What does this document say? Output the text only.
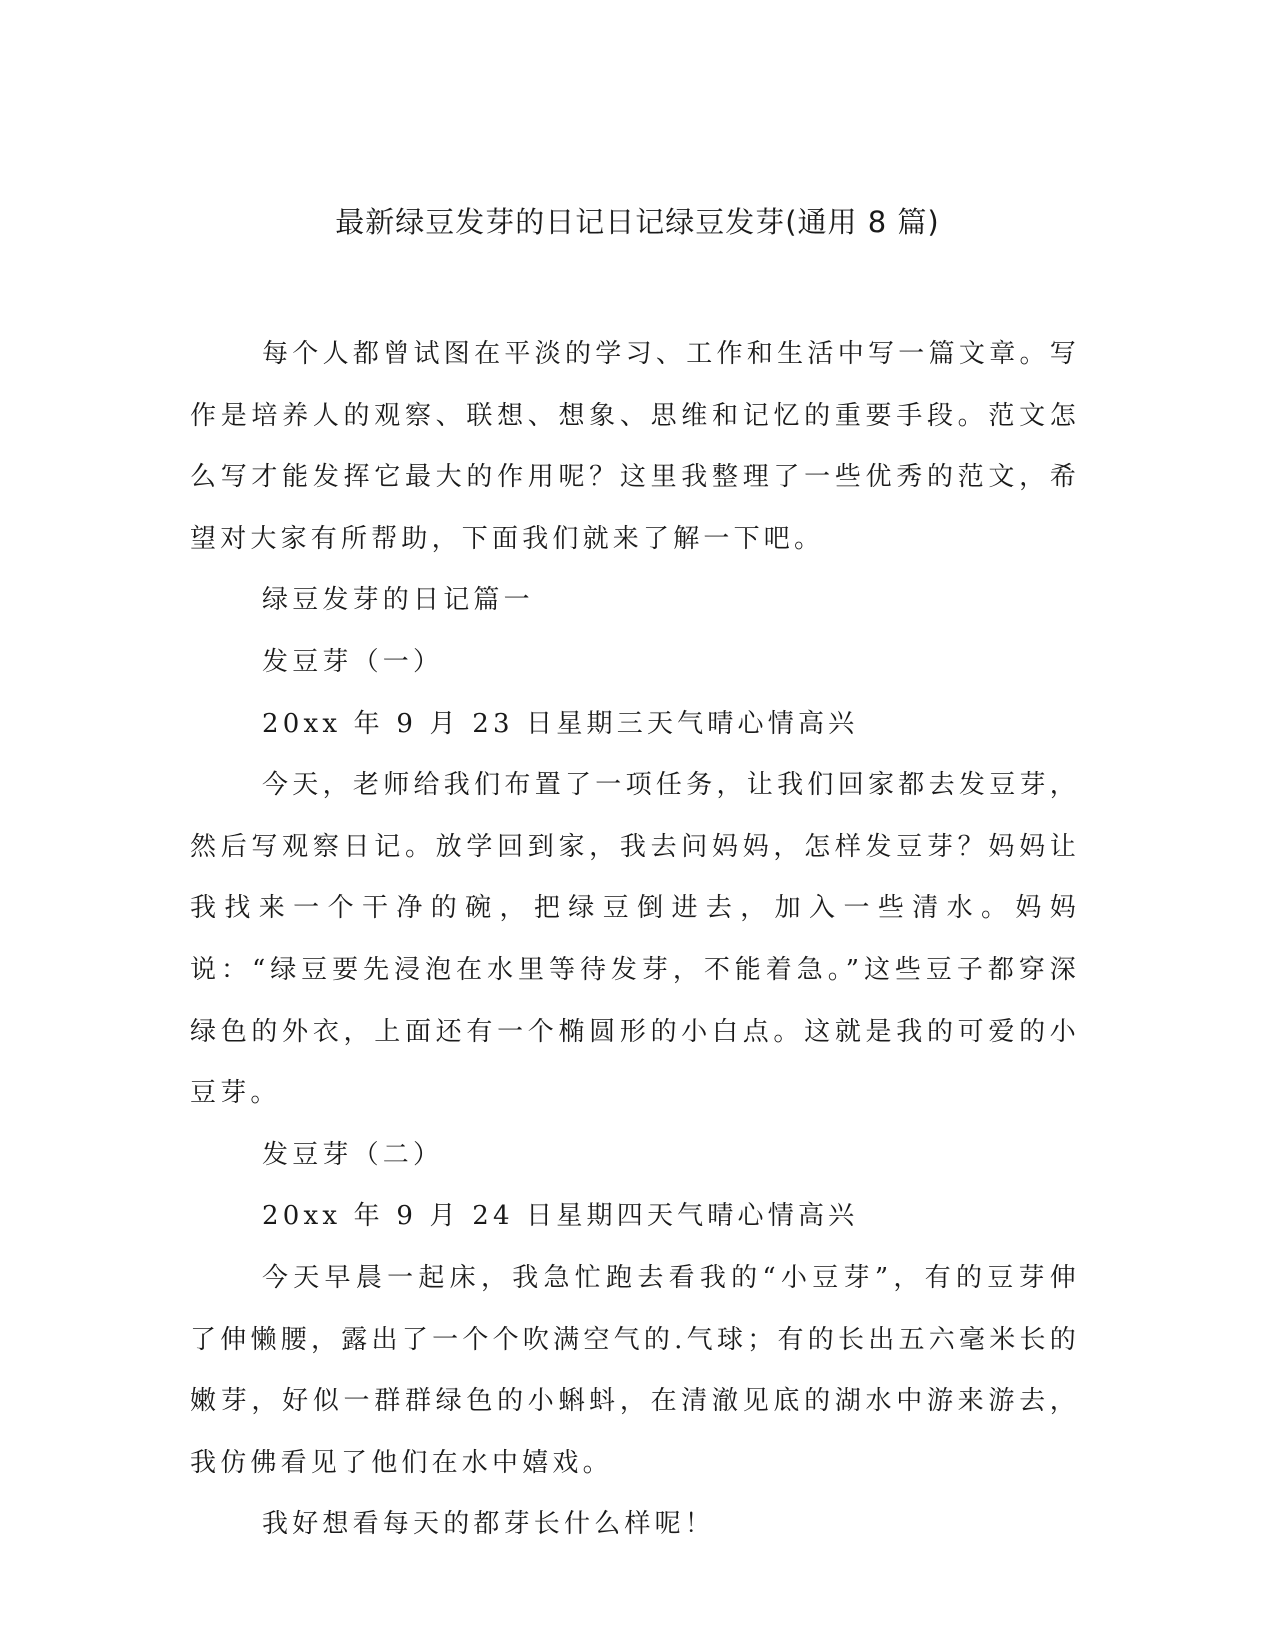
最新绿豆发芽的日记日记绿豆发芽(通用 8 篇)

每个人都曾试图在平淡的学习、工作和生活中写一篇文章。写作是培养人的观察、联想、想象、思维和记忆的重要手段。范文怎么写才能发挥它最大的作用呢？这里我整理了一些优秀的范文，希望对大家有所帮助，下面我们就来了解一下吧。

绿豆发芽的日记篇一

发豆芽（一）

20xx 年 9 月 23 日星期三天气晴心情高兴

今天，老师给我们布置了一项任务，让我们回家都去发豆芽，然后写观察日记。放学回到家，我去问妈妈，怎样发豆芽？妈妈让我找来一个干净的碗，把绿豆倒进去，加入一些清水。妈妈说：“绿豆要先浸泡在水里等待发芽，不能着急。”这些豆子都穿深绿色的外衣，上面还有一个椭圆形的小白点。这就是我的可爱的小豆芽。

发豆芽（二）

20xx 年 9 月 24 日星期四天气晴心情高兴

今天早晨一起床，我急忙跑去看我的“小豆芽”，有的豆芽伸了伸懒腰，露出了一个个吹满空气的.气球；有的长出五六毫米长的嫩芽，好似一群群绿色的小蝌蚪，在清澈见底的湖水中游来游去，我仿佛看见了他们在水中嬉戏。

我好想看每天的都芽长什么样呢！
